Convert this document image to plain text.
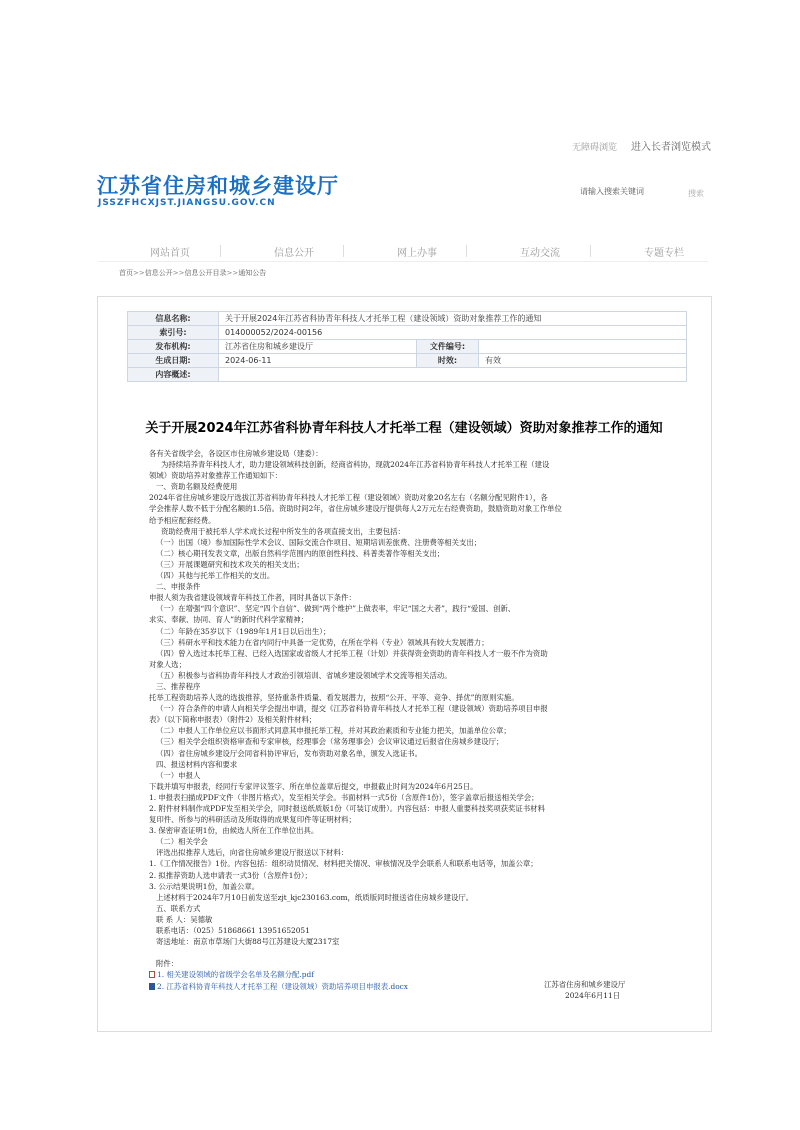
无障碍浏览 进入长者浏览模式
江苏省住房和城乡建设厅
JSSZFHCXJST.JIANGSU.GOV.CN
请输入搜索关键词
搜索
网站首页	信息公开	网上办事	互动交流	专题专栏
首页>>信息公开>>信息公开目录>>通知公告
信息名称:	关于开展2024年江苏省科协青年科技人才托举工程（建设领域）资助对象推荐工作的通知		
索引号:	014000052/2024-00156		
发布机构:	江苏省住房和城乡建设厅	文件编号:	
生成日期:	2024-06-11	时效:	有效
内容概述:			
关于开展2024年江苏省科协青年科技人才托举工程（建设领域）资助对象推荐工作的通知

各有关省级学会，各设区市住房城乡建设局（建委）：

为持续培养青年科技人才，助力建设领域科技创新，经商省科协，现就2024年江苏省科协青年科技人才托举工程（建设

领域）资助培养对象推荐工作通知如下：

一、资助名额及经费使用

2024年省住房城乡建设厅选拔江苏省科协青年科技人才托举工程（建设领域）资助对象20名左右（名额分配见附件1），各

学会推荐人数不低于分配名额的1.5倍。资助时间2年，省住房城乡建设厅提供每人2万元左右经费资助，鼓励资助对象工作单位

给予相应配套经费。

资助经费用于被托举人学术成长过程中所发生的各项直接支出，主要包括：

（一）出国（境）参加国际性学术会议、国际交流合作项目、短期培训差旅费、注册费等相关支出；

（二）核心期刊发表文章，出版自然科学范围内的原创性科技、科普类著作等相关支出；

（三）开展课题研究和技术攻关的相关支出；

（四）其他与托举工作相关的支出。

二、申报条件

申报人须为我省建设领域青年科技工作者，同时具备以下条件：

（一）在增强“四个意识”、坚定“四个自信”、做到“两个维护”上做表率，牢记“国之大者”，践行“爱国、创新、

求实、奉献、协同、育人”的新时代科学家精神；

（二）年龄在35岁以下（1989年1月1日以后出生）；

（三）科研水平和技术能力在省内同行中具备一定优势，在所在学科（专业）领域具有较大发展潜力；

（四）曾入选过本托举工程、已经入选国家或省级人才托举工程（计划）并获得资金资助的青年科技人才一般不作为资助

对象人选；

（五）积极参与省科协青年科技人才政治引领培训、省城乡建设领域学术交流等相关活动。

三、推荐程序

托举工程资助培养人选的选拔推荐，坚持重条件质量、看发展潜力，按照“公开、平等、竞争、择优”的原则实施。

（一）符合条件的申请人向相关学会提出申请，提交《江苏省科协青年科技人才托举工程（建设领域）资助培养项目申报

表》（以下简称申报表）（附件2）及相关附件材料；

（二）申报人工作单位应以书面形式同意其申报托举工程，并对其政治素质和专业能力把关，加盖单位公章；

（三）相关学会组织资格审查和专家审核，经理事会（常务理事会）会议审议通过后报省住房城乡建设厅；

（四）省住房城乡建设厅会同省科协评审后，发布资助对象名单，颁发入选证书。

四、报送材料内容和要求

（一）申报人

下载并填写申报表，经同行专家评议签字、所在单位盖章后提交，申报截止时间为2024年6月25日。

1. 申报表扫描成PDF文件（非图片格式），发至相关学会。书面材料一式5份（含原件1份），签字盖章后报送相关学会；

2. 附件材料制作成PDF发至相关学会，同时报送纸质版1份（可装订成册）。内容包括：申报人重要科技奖项获奖证书材料

复印件、所参与的科研活动及所取得的成果复印件等证明材料；

3. 保密审查证明1份，由候选人所在工作单位出具。

（二）相关学会

评选出拟推荐人选后，向省住房城乡建设厅报送以下材料：

1.《工作情况报告》1份。内容包括：组织动员情况、材料把关情况、审核情况及学会联系人和联系电话等，加盖公章；

2. 拟推荐资助人选申请表一式3份（含原件1份）；

3. 公示结果说明1份，加盖公章。

上述材料于2024年7月10日前发送至zjt_kjc230163.com，纸质版同时报送省住房城乡建设厅。

五、联系方式

联 系 人：吴德敏

联系电话：（025）51868661 13951652051

寄送地址：南京市草场门大街88号江苏建设大厦2317室

附件：

1. 相关建设领域的省级学会名单及名额分配.pdf

2. 江苏省科协青年科技人才托举工程（建设领域）资助培养项目申报表.docx	江苏省住房和城乡建设厅
2024年6月11日
